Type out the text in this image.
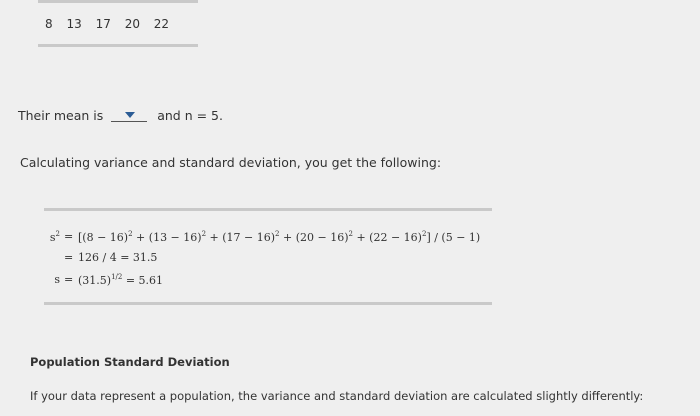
8 13 17 20 22
Their mean is	and n = 5.
Calculating variance and standard deviation, you get the following:
$s^2 = [(8 - 16)^2 + (13 - 16)^2 + (17 - 16)^2 + (20 - 16)^2 + (22 - 16)^2] / (5 - 1)$
= 126 / 4 = 31.5
$s = (31.5)^{1/2} = 5.61$
Population Standard Deviation
If your data represent a population, the variance and standard deviation are calculated slightly differently:
